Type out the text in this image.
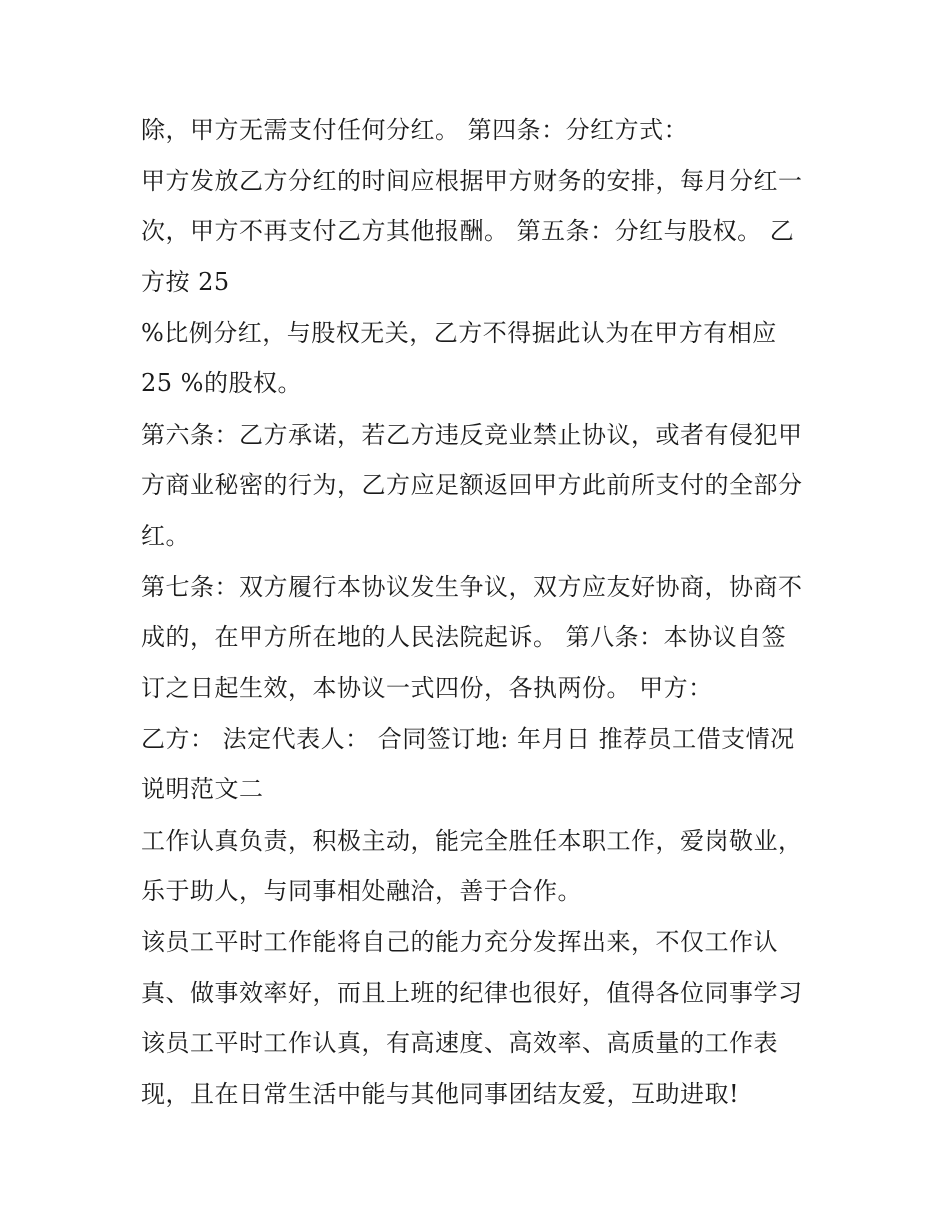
除，甲方无需支付任何分红。 第四条：分红方式：
甲方发放乙方分红的时间应根据甲方财务的安排，每月分红一
次，甲方不再支付乙方其他报酬。 第五条：分红与股权。 乙
方按 25
%比例分红，与股权无关，乙方不得据此认为在甲方有相应
25 %的股权。
第六条：乙方承诺，若乙方违反竞业禁止协议，或者有侵犯甲
方商业秘密的行为，乙方应足额返回甲方此前所支付的全部分
红。
第七条：双方履行本协议发生争议，双方应友好协商，协商不
成的，在甲方所在地的人民法院起诉。 第八条：本协议自签
订之日起生效，本协议一式四份，各执两份。 甲方：
乙方： 法定代表人： 合同签订地: 年月日 推荐员工借支情况
说明范文二
工作认真负责，积极主动，能完全胜任本职工作，爱岗敬业，
乐于助人，与同事相处融洽，善于合作。
该员工平时工作能将自己的能力充分发挥出来，不仅工作认
真、做事效率好，而且上班的纪律也很好，值得各位同事学习
该员工平时工作认真，有高速度、高效率、高质量的工作表
现，且在日常生活中能与其他同事团结友爱，互助进取!
